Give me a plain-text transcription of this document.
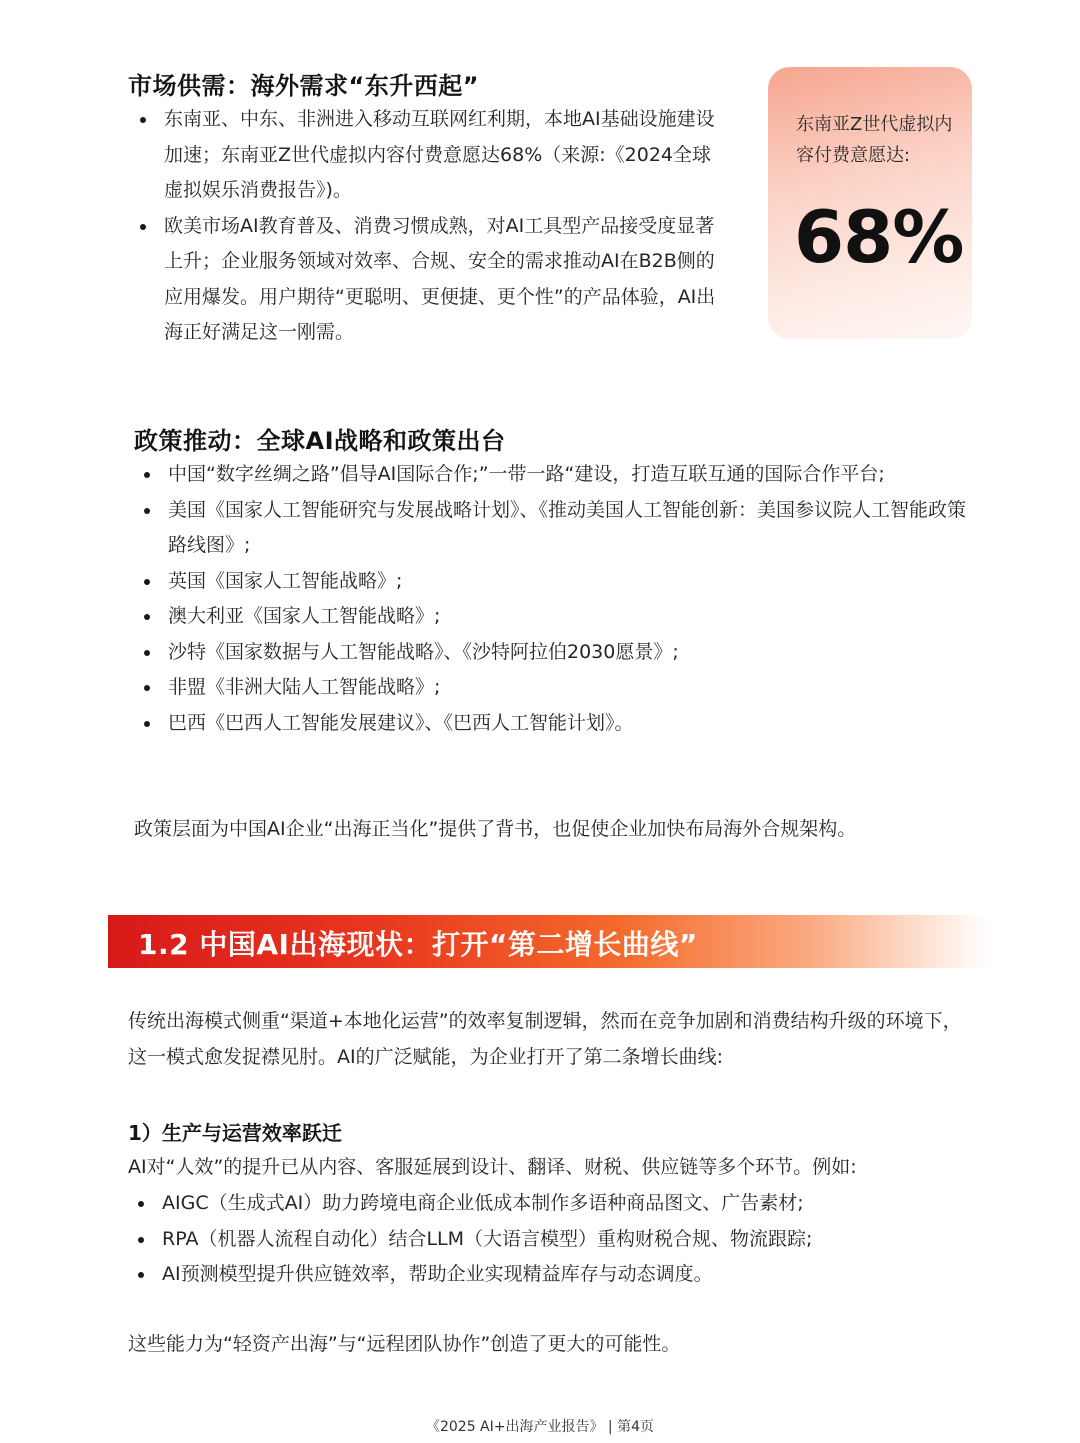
市场供需：海外需求“东升西起”
东南亚、中东、非洲进入移动互联网红利期，本地AI基础设施建设加速；东南亚Z世代虚拟内容付费意愿达68%（来源:《2024全球虚拟娱乐消费报告》)。
欧美市场AI教育普及、消费习惯成熟，对AI工具型产品接受度显著上升；企业服务领域对效率、合规、安全的需求推动AI在B2B侧的应用爆发。用户期待“更聪明、更便捷、更个性”的产品体验，AI出海正好满足这一刚需。
东南亚Z世代虚拟内容付费意愿达:
68%
政策推动：全球AI战略和政策出台
中国“数字丝绸之路”倡导AI国际合作;”一带一路“建设，打造互联互通的国际合作平台;
美国《国家人工智能研究与发展战略计划》、《推动美国人工智能创新：美国参议院人工智能政策路线图》;
英国《国家人工智能战略》;
澳大利亚《国家人工智能战略》;
沙特《国家数据与人工智能战略》、《沙特阿拉伯2030愿景》;
非盟《非洲大陆人工智能战略》;
巴西《巴西人工智能发展建议》、《巴西人工智能计划》。

政策层面为中国AI企业“出海正当化”提供了背书，也促使企业加快布局海外合规架构。

1.2 中国AI出海现状：打开“第二增长曲线”

传统出海模式侧重“渠道+本地化运营”的效率复制逻辑，然而在竞争加剧和消费结构升级的环境下，这一模式愈发捉襟见肘。AI的广泛赋能，为企业打开了第二条增长曲线:

1）生产与运营效率跃迁

AI对“人效”的提升已从内容、客服延展到设计、翻译、财税、供应链等多个环节。例如:

AIGC（生成式AI）助力跨境电商企业低成本制作多语种商品图文、广告素材;
RPA（机器人流程自动化）结合LLM（大语言模型）重构财税合规、物流跟踪;
AI预测模型提升供应链效率，帮助企业实现精益库存与动态调度。

这些能力为“轻资产出海”与“远程团队协作”创造了更大的可能性。

《2025 AI+出海产业报告》 | 第4页
